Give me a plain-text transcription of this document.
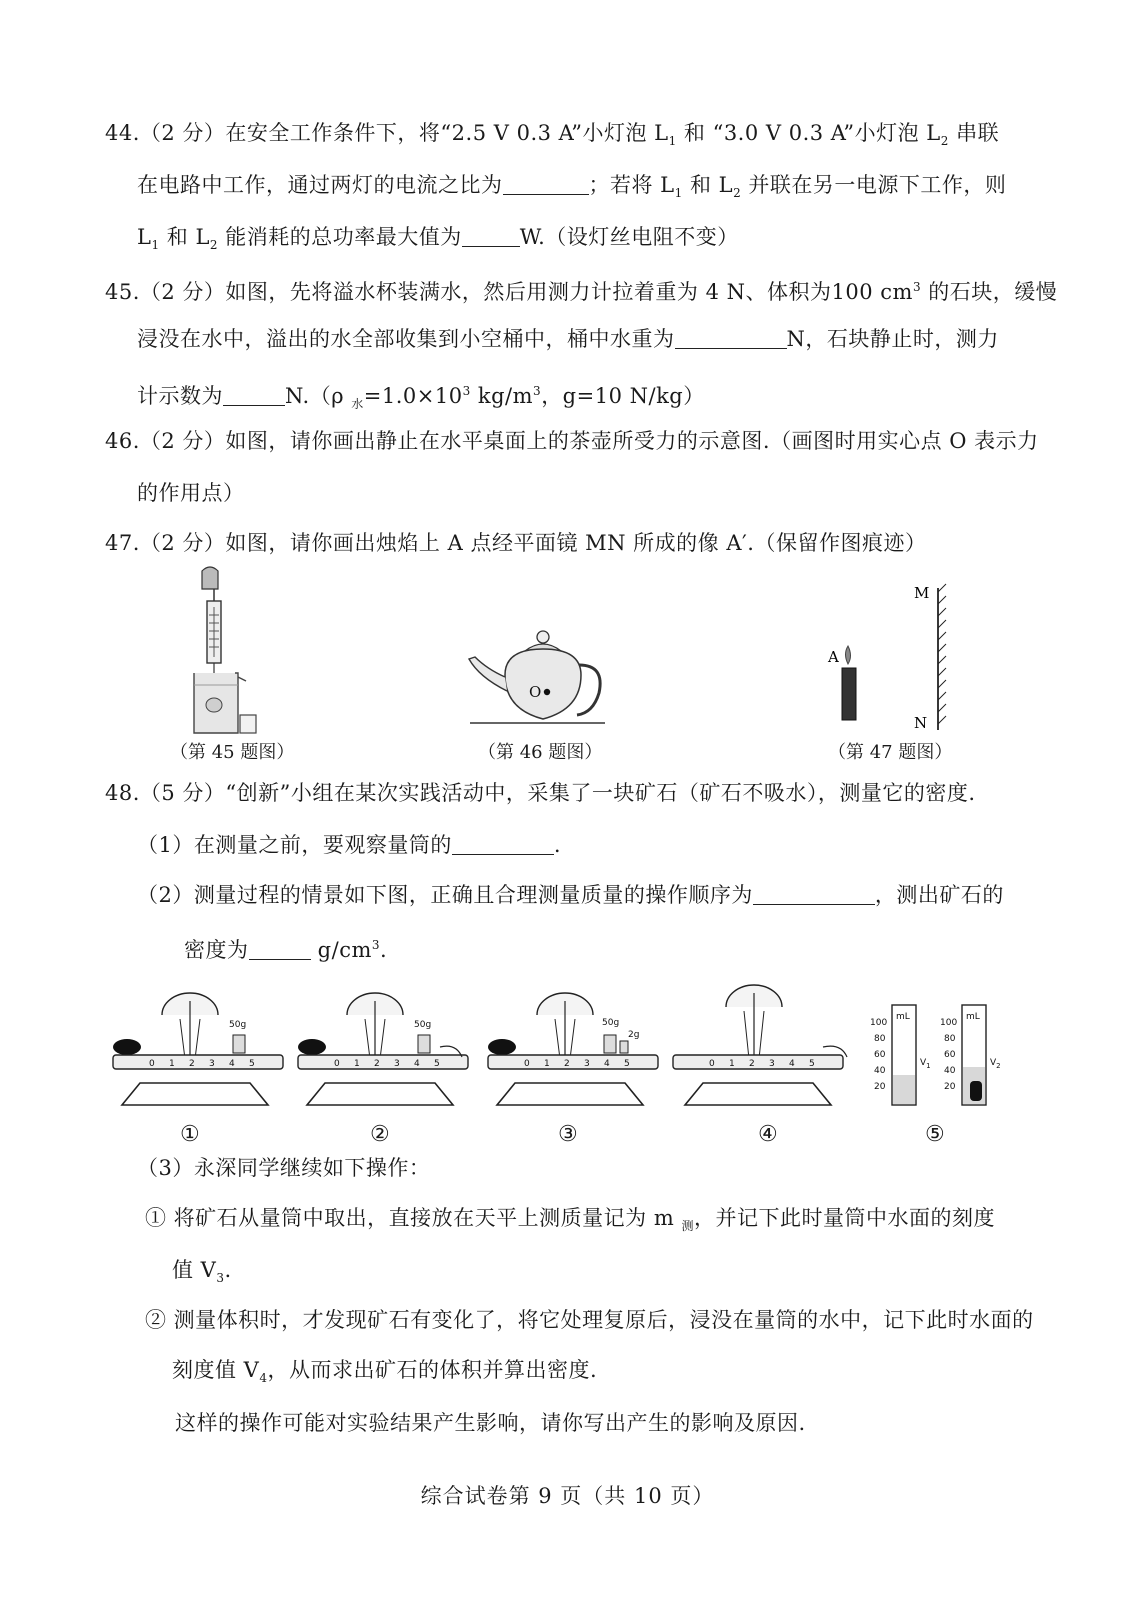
44.（2 分）在安全工作条件下，将“2.5 V 0.3 A”小灯泡 $L_1$ 和 “3.0 V 0.3 A”小灯泡 $L_2$ 串联
在电路中工作，通过两灯的电流之比为	；若将 $L_1$ 和 $L_2$ 并联在另一电源下工作，则
$L_1$ 和 $L_2$ 能消耗的总功率最大值为	W.（设灯丝电阻不变）
45.（2 分）如图，先将溢水杯装满水，然后用测力计拉着重为 4 N、体积为100 $cm^3$ 的石块，缓慢
浸没在水中，溢出的水全部收集到小空桶中，桶中水重为	N，石块静止时，测力
计示数为	N.（ρ $_水=1.0\times 10^3$ $kg/m^3$，g=10 N/kg）
46.（2 分）如图，请你画出静止在水平桌面上的茶壶所受力的示意图.（画图时用实心点 O 表示力
的作用点）
47.（2 分）如图，请你画出烛焰上 A 点经平面镜 MN 所成的像 A′.（保留作图痕迹）
（第 45 题图）
O
（第 46 题图）
A
M
N
（第 47 题图）
48.（5 分）“创新”小组在某次实践活动中，采集了一块矿石（矿石不吸水），测量它的密度.
（1）在测量之前，要观察量筒的	.
（2）测量过程的情景如下图，正确且合理测量质量的操作顺序为	，测出矿石的
密度为	$g/cm^3$.
0 1 2 3 4 5
50g
0 1 2 3 4 5
50g
0 1 2 3 4 5
50g
2g
0 1 2 3 4 5
mL
100
80
60
40
20
$V_1$
mL
100
80
60
40
20
$V_2$
①	②	③	④	⑤
（3）永深同学继续如下操作：
① 将矿石从量筒中取出，直接放在天平上测质量记为 m $_测$，并记下此时量筒中水面的刻度
值 $V_3$.
② 测量体积时，才发现矿石有变化了，将它处理复原后，浸没在量筒的水中，记下此时水面的
刻度值 $V_4$，从而求出矿石的体积并算出密度.
这样的操作可能对实验结果产生影响，请你写出产生的影响及原因.
综合试卷第 9 页（共 10 页）
